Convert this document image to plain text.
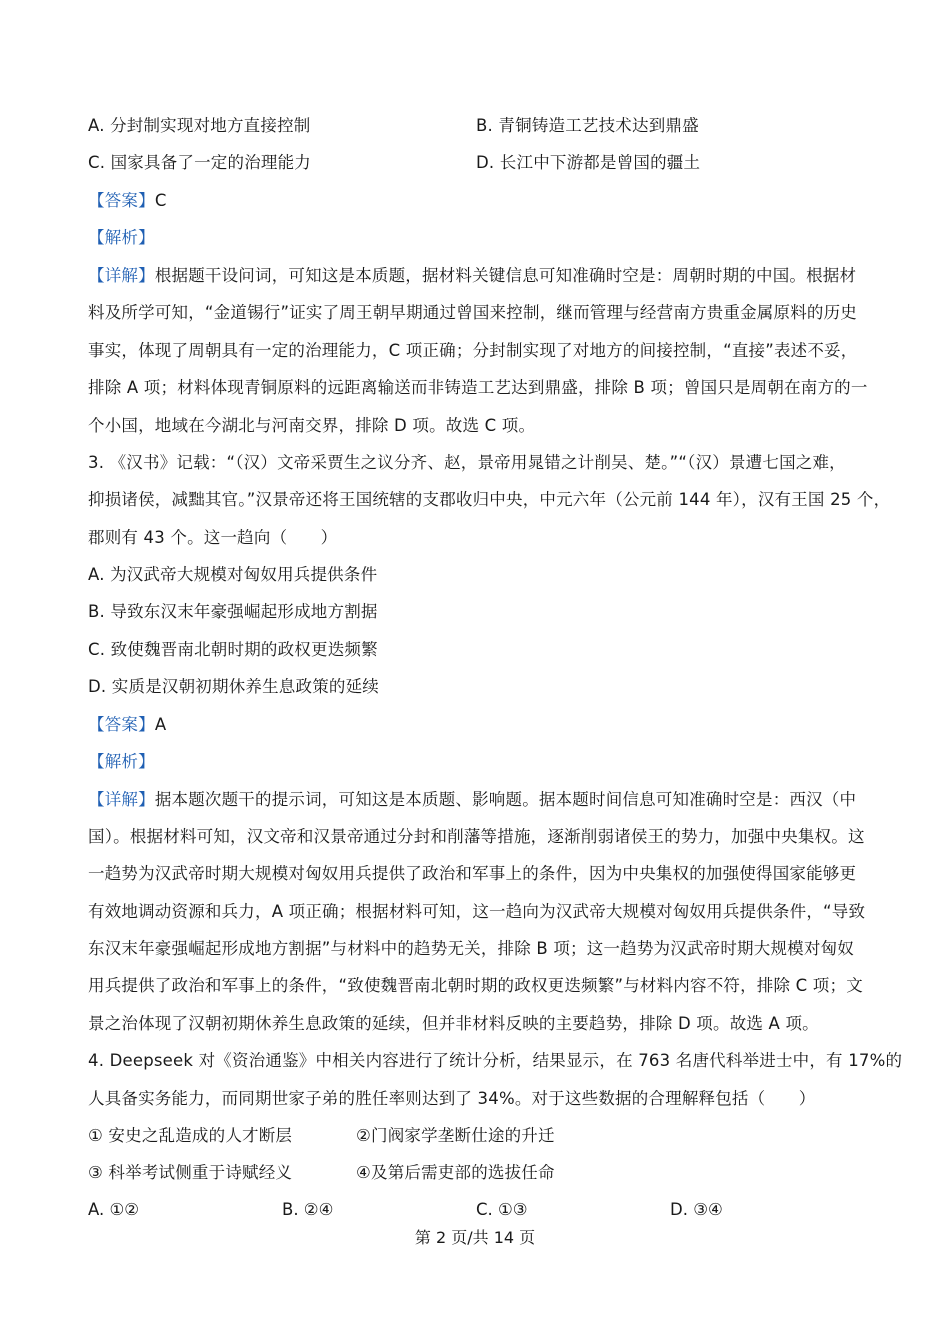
A. 分封制实现对地方直接控制	B. 青铜铸造工艺技术达到鼎盛
C. 国家具备了一定的治理能力	D. 长江中下游都是曾国的疆土
【答案】C
【解析】
【详解】根据题干设问词，可知这是本质题，据材料关键信息可知准确时空是：周朝时期的中国。根据材
料及所学可知，“金道锡行”证实了周王朝早期通过曾国来控制，继而管理与经营南方贵重金属原料的历史
事实，体现了周朝具有一定的治理能力，C 项正确；分封制实现了对地方的间接控制，“直接”表述不妥，
排除 A 项；材料体现青铜原料的远距离输送而非铸造工艺达到鼎盛，排除 B 项；曾国只是周朝在南方的一
个小国，地域在今湖北与河南交界，排除 D 项。故选 C 项。
3. 《汉书》记载：“（汉）文帝采贾生之议分齐、赵，景帝用晁错之计削吴、楚。”“（汉）景遭七国之难，
抑损诸侯，减黜其官。”汉景帝还将王国统辖的支郡收归中央，中元六年（公元前 144 年），汉有王国 25 个，
郡则有 43 个。这一趋向（　　）
A. 为汉武帝大规模对匈奴用兵提供条件
B. 导致东汉末年豪强崛起形成地方割据
C. 致使魏晋南北朝时期的政权更迭频繁
D. 实质是汉朝初期休养生息政策的延续
【答案】A
【解析】
【详解】据本题次题干的提示词，可知这是本质题、影响题。据本题时间信息可知准确时空是：西汉（中
国）。根据材料可知，汉文帝和汉景帝通过分封和削藩等措施，逐渐削弱诸侯王的势力，加强中央集权。这
一趋势为汉武帝时期大规模对匈奴用兵提供了政治和军事上的条件，因为中央集权的加强使得国家能够更
有效地调动资源和兵力，A 项正确；根据材料可知，这一趋向为汉武帝大规模对匈奴用兵提供条件，“导致
东汉末年豪强崛起形成地方割据”与材料中的趋势无关，排除 B 项；这一趋势为汉武帝时期大规模对匈奴
用兵提供了政治和军事上的条件，“致使魏晋南北朝时期的政权更迭频繁”与材料内容不符，排除 C 项；文
景之治体现了汉朝初期休养生息政策的延续，但并非材料反映的主要趋势，排除 D 项。故选 A 项。
4. Deepseek 对《资治通鉴》中相关内容进行了统计分析，结果显示，在 763 名唐代科举进士中，有 17%的
人具备实务能力，而同期世家子弟的胜任率则达到了 34%。对于这些数据的合理解释包括（　　）
① 安史之乱造成的人才断层	②门阀家学垄断仕途的升迁
③ 科举考试侧重于诗赋经义	④及第后需吏部的选拔任命
A. ①②	B. ②④	C. ①③	D. ③④
第 2 页/共 14 页
